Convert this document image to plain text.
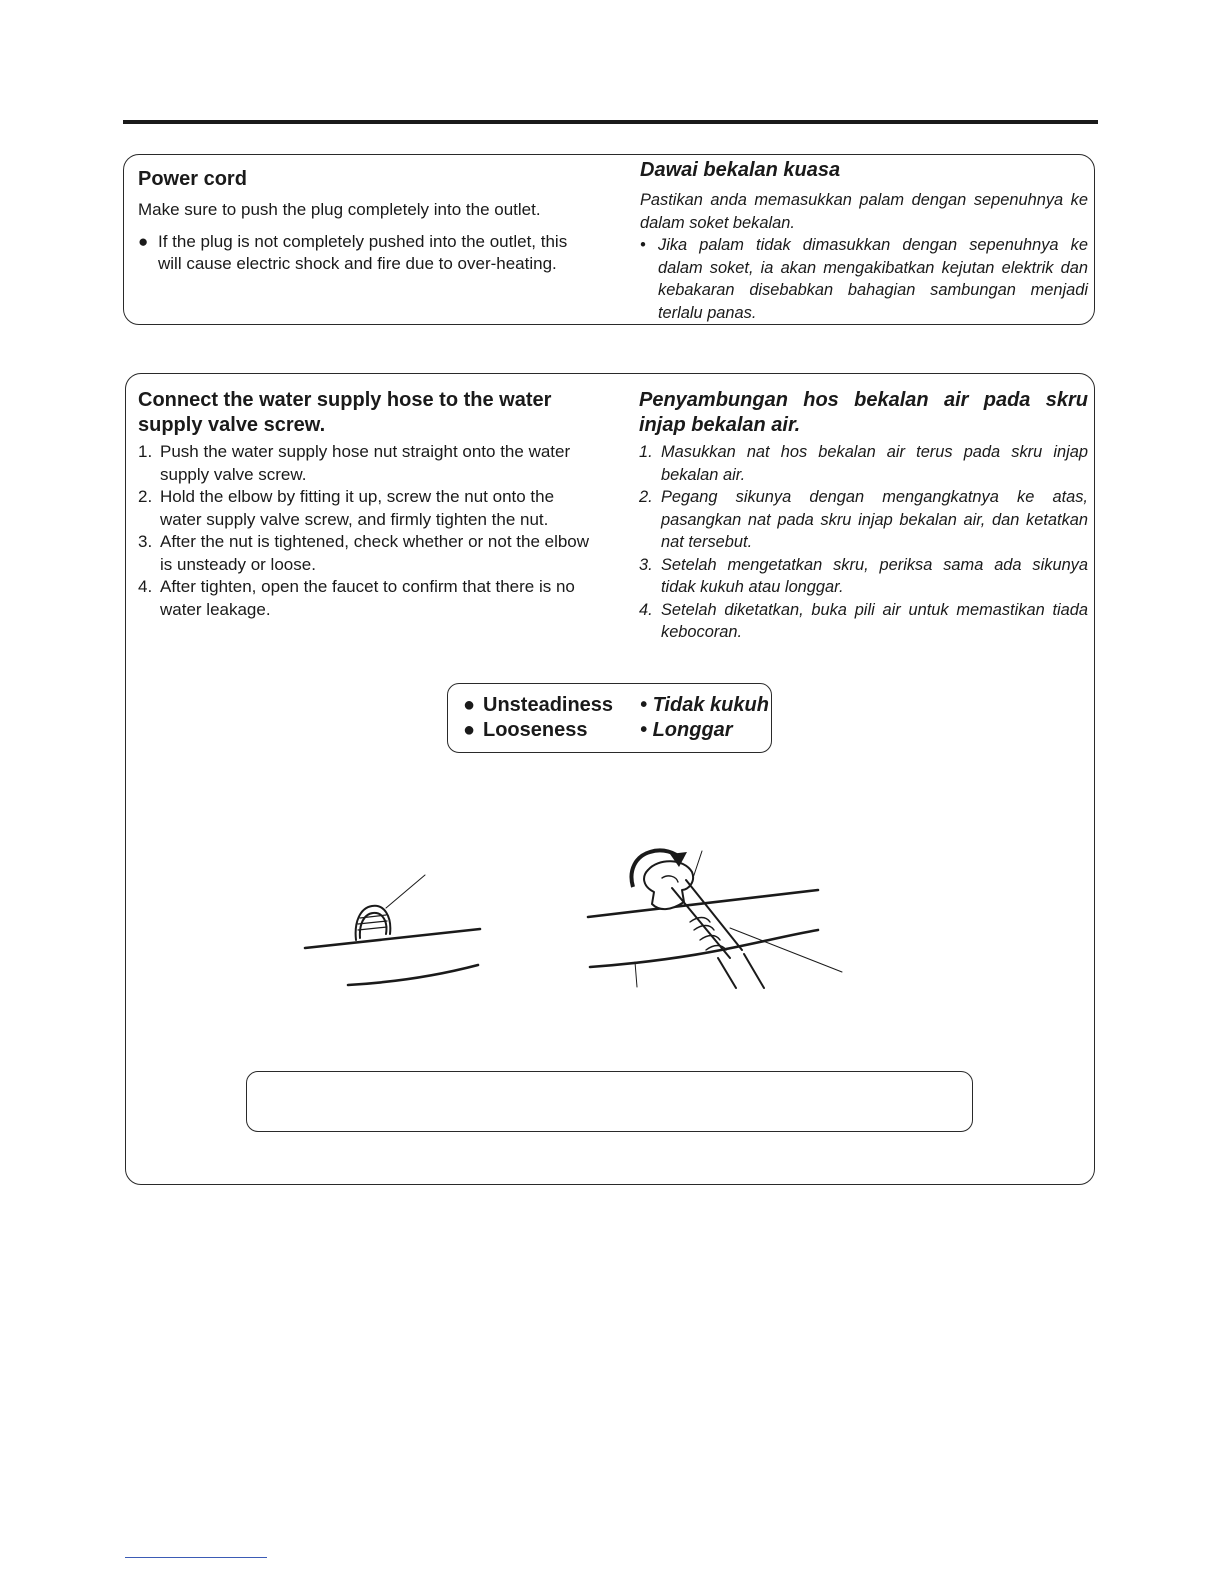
Power cord

Make sure to push the plug completely into the outlet.

● If the plug is not completely pushed into the outlet, this will cause electric shock and fire due to over-heating.
Dawai bekalan kuasa

Pastikan anda memasukkan palam dengan sepenuhnya ke dalam soket bekalan.

• Jika palam tidak dimasukkan dengan sepenuhnya ke dalam soket, ia akan mengakibatkan kejutan elektrik dan kebakaran disebabkan bahagian sambungan menjadi terlalu panas.
Connect the water supply hose to the water supply valve screw.
1. Push the water supply hose nut straight onto the water supply valve screw.
2. Hold the elbow by fitting it up, screw the nut onto the water supply valve screw, and firmly tighten the nut.
3. After the nut is tightened, check whether or not the elbow is unsteady or loose.
4. After tighten, open the faucet to confirm that there is no water leakage.
Penyambungan hos bekalan air pada skru injap bekalan air.
1. Masukkan nat hos bekalan air terus pada skru injap bekalan air.
2. Pegang sikunya dengan mengangkatnya ke atas, pasangkan nat pada skru injap bekalan air, dan ketatkan nat tersebut.
3. Setelah mengetatkan skru, periksa sama ada sikunya tidak kukuh atau longgar.
4. Setelah diketatkan, buka pili air untuk memastikan tiada kebocoran.
● Unsteadiness • Tidak kukuh
● Looseness	• Longgar
